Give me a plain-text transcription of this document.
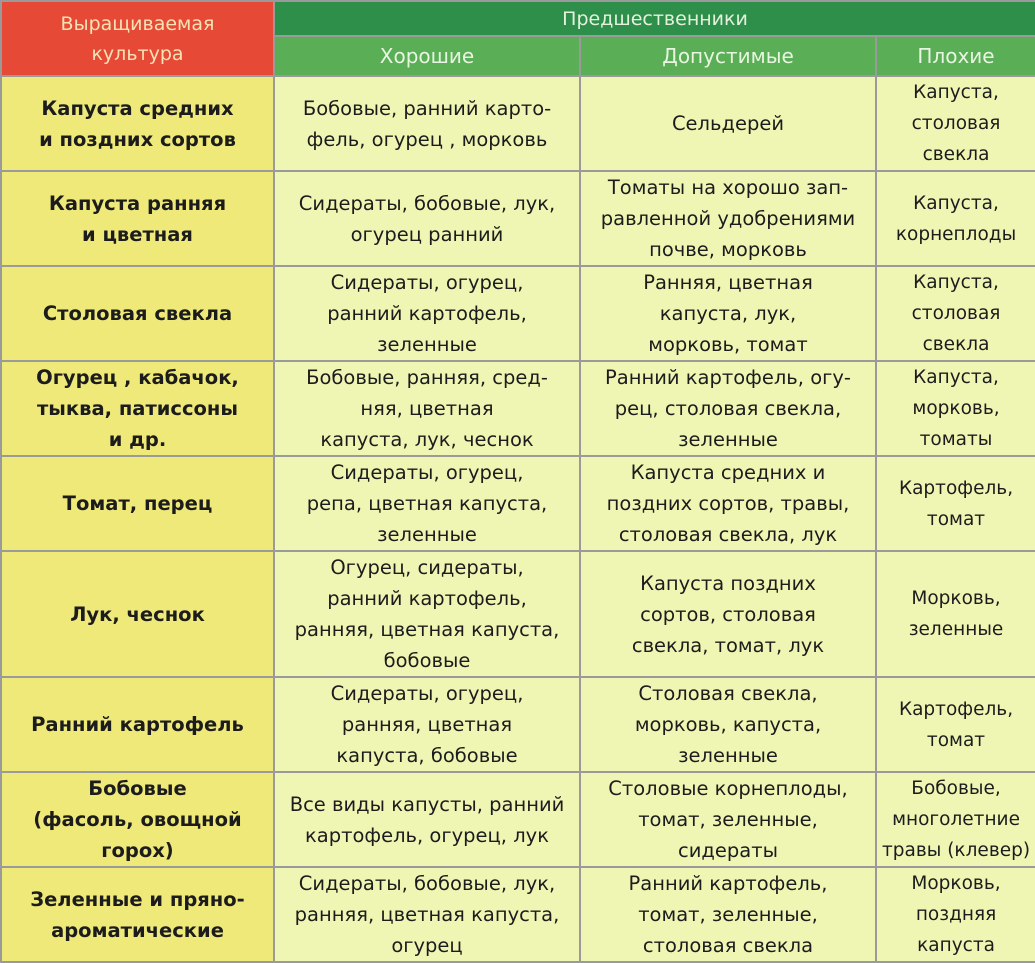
Выращиваемая
культура	Предшественники		
	Хорошие	Допустимые	Плохие

Капуста средних
и поздних сортов	Бобовые, ранний карто-
фель, огурец , морковь	Сельдерей	Капуста,
столовая
свекла

Капуста ранняя
и цветная	Сидераты, бобовые, лук,
огурец ранний	Томаты на хорошо зап-
равленной удобрениями
почве, морковь	Капуста,
корнеплоды

Столовая свекла	Сидераты, огурец,
ранний картофель,
зеленные	Ранняя, цветная
капуста, лук,
морковь, томат	Капуста,
столовая
свекла

Огурец , кабачок,
тыква, патиссоны
и др.	Бобовые, ранняя, сред-
няя, цветная
капуста, лук, чеснок	Ранний картофель, огу-
рец, столовая свекла,
зеленные	Капуста,
морковь,
томаты

Томат, перец	Сидераты, огурец,
репа, цветная капуста,
зеленные	Капуста средних и
поздних сортов, травы,
столовая свекла, лук	Картофель,
томат

Лук, чеснок	Огурец, сидераты,
ранний картофель,
ранняя, цветная капуста,
бобовые	Капуста поздних
сортов, столовая
свекла, томат, лук	Морковь,
зеленные

Ранний картофель	Сидераты, огурец,
ранняя, цветная
капуста, бобовые	Столовая свекла,
морковь, капуста,
зеленные	Картофель,
томат

Бобовые
(фасоль, овощной
горох)	Все виды капусты, ранний
картофель, огурец, лук	Столовые корнеплоды,
томат, зеленные,
сидераты	Бобовые,
многолетние
травы (клевер)

Зеленные и пряно-
ароматические	Сидераты, бобовые, лук,
ранняя, цветная капуста,
огурец	Ранний картофель,
томат, зеленные,
столовая свекла	Морковь,
поздняя
капуста
